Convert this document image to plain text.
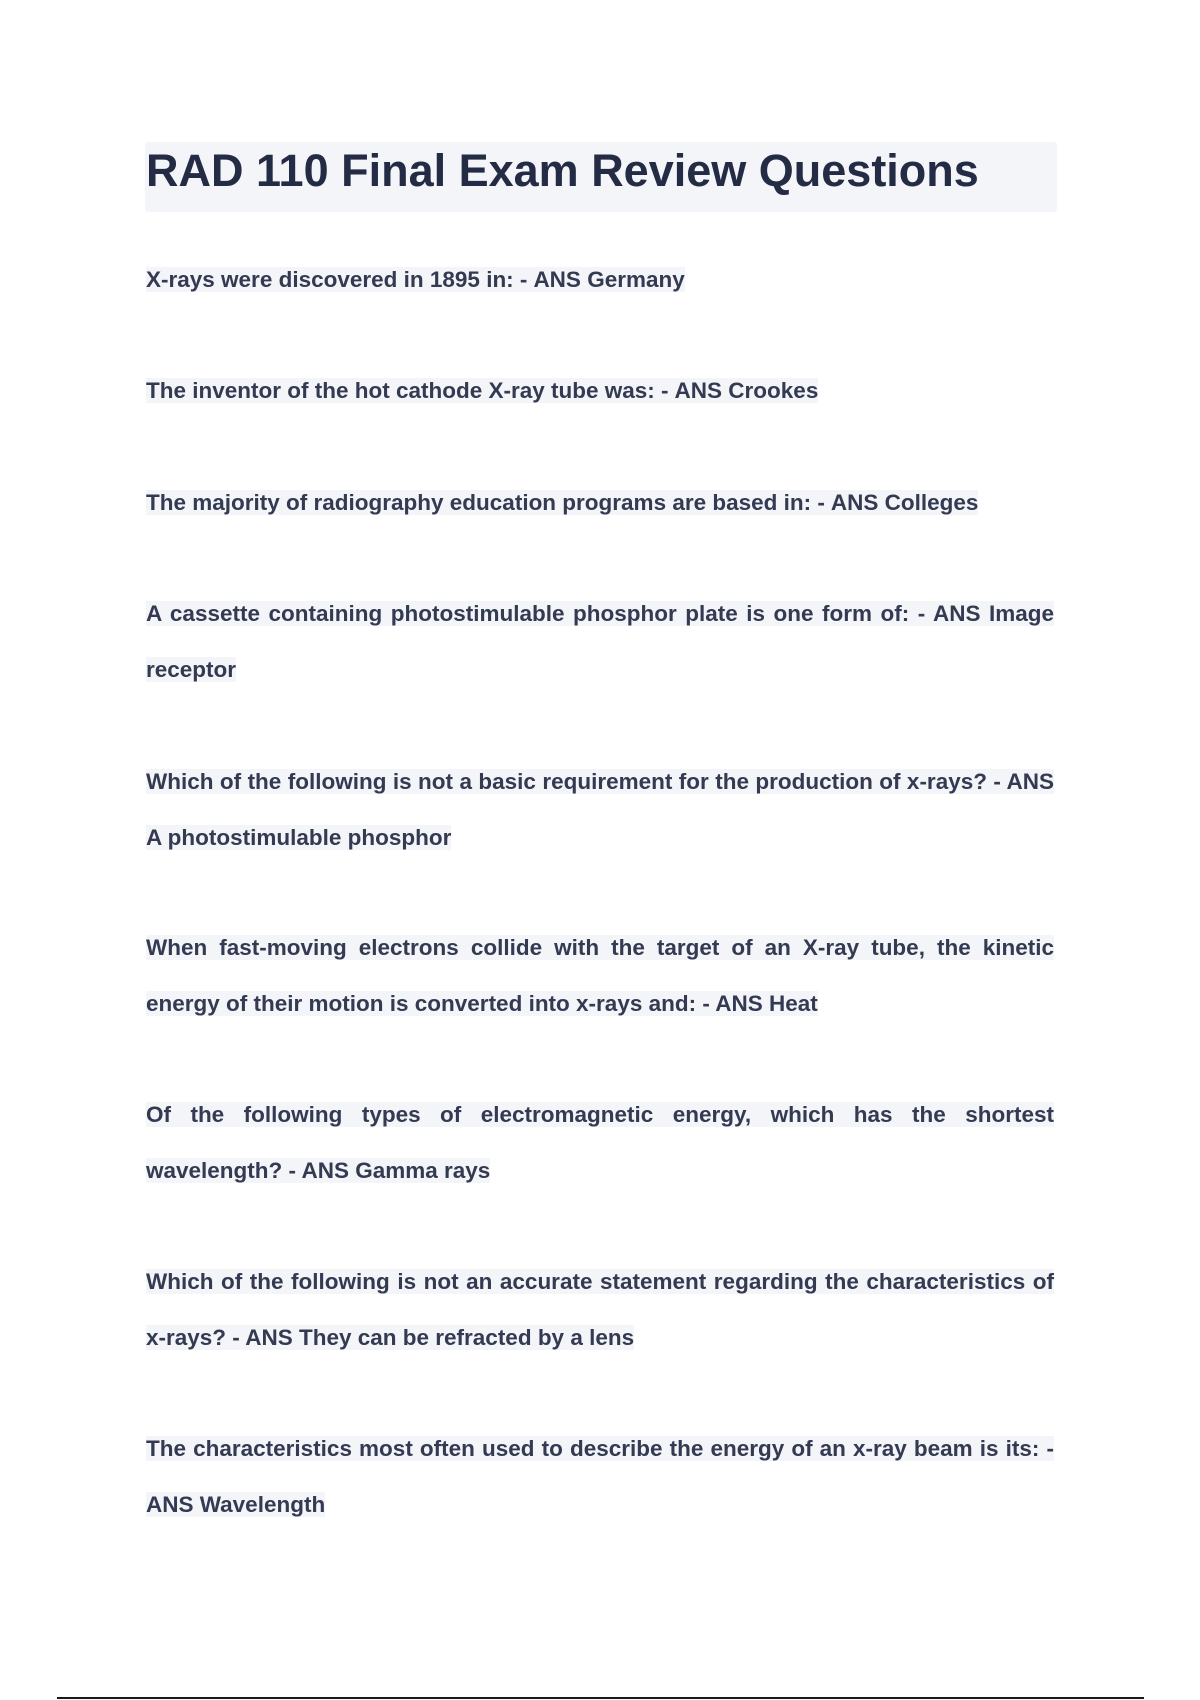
RAD 110 Final Exam Review Questions

X-rays were discovered in 1895 in: - ANS Germany

The inventor of the hot cathode X-ray tube was: - ANS Crookes

The majority of radiography education programs are based in: - ANS Colleges

A cassette containing photostimulable phosphor plate is one form of: - ANS Image receptor

Which of the following is not a basic requirement for the production of x-rays? - ANS A photostimulable phosphor

When fast-moving electrons collide with the target of an X-ray tube, the kinetic energy of their motion is converted into x-rays and: - ANS Heat

Of the following types of electromagnetic energy, which has the shortest wavelength? - ANS Gamma rays

Which of the following is not an accurate statement regarding the characteristics of x-rays? - ANS They can be refracted by a lens

The characteristics most often used to describe the energy of an x-ray beam is its: - ANS Wavelength
